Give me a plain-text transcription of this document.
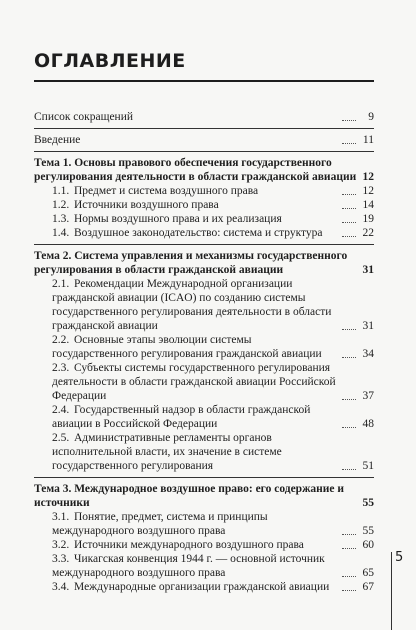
ОГЛАВЛЕНИЕ
Список сокращений	9
Введение	11
Тема 1. Основы правового обеспечения государственного регулирования деятельности в области гражданской авиации 12
1.1. Предмет и система воздушного права	12
1.2. Источники воздушного права	14
1.3. Нормы воздушного права и их реализация	19
1.4. Воздушное законодательство: система и структура	22
Тема 2. Система управления и механизмы государственного регулирования в области гражданской авиации	31
2.1. Рекомендации Международной организации гражданской авиации (ICAO) по созданию системы государственного регулирования деятельности в области гражданской авиации	31
2.2. Основные этапы эволюции системы государственного регулирования гражданской авиации	34
2.3. Субъекты системы государственного регулирования деятельности в области гражданской авиации Российской Федерации	37
2.4. Государственный надзор в области гражданской авиации в Российской Федерации	48
2.5. Административные регламенты органов исполнительной власти, их значение в системе государственного регулирования	51
Тема 3. Международное воздушное право: его содержание и источники	55
3.1. Понятие, предмет, система и принципы международного воздушного права	55
3.2. Источники международного воздушного права	60
3.3. Чикагская конвенция 1944 г. — основной источник международного воздушного права	65
3.4. Международные организации гражданской авиации	67
5
